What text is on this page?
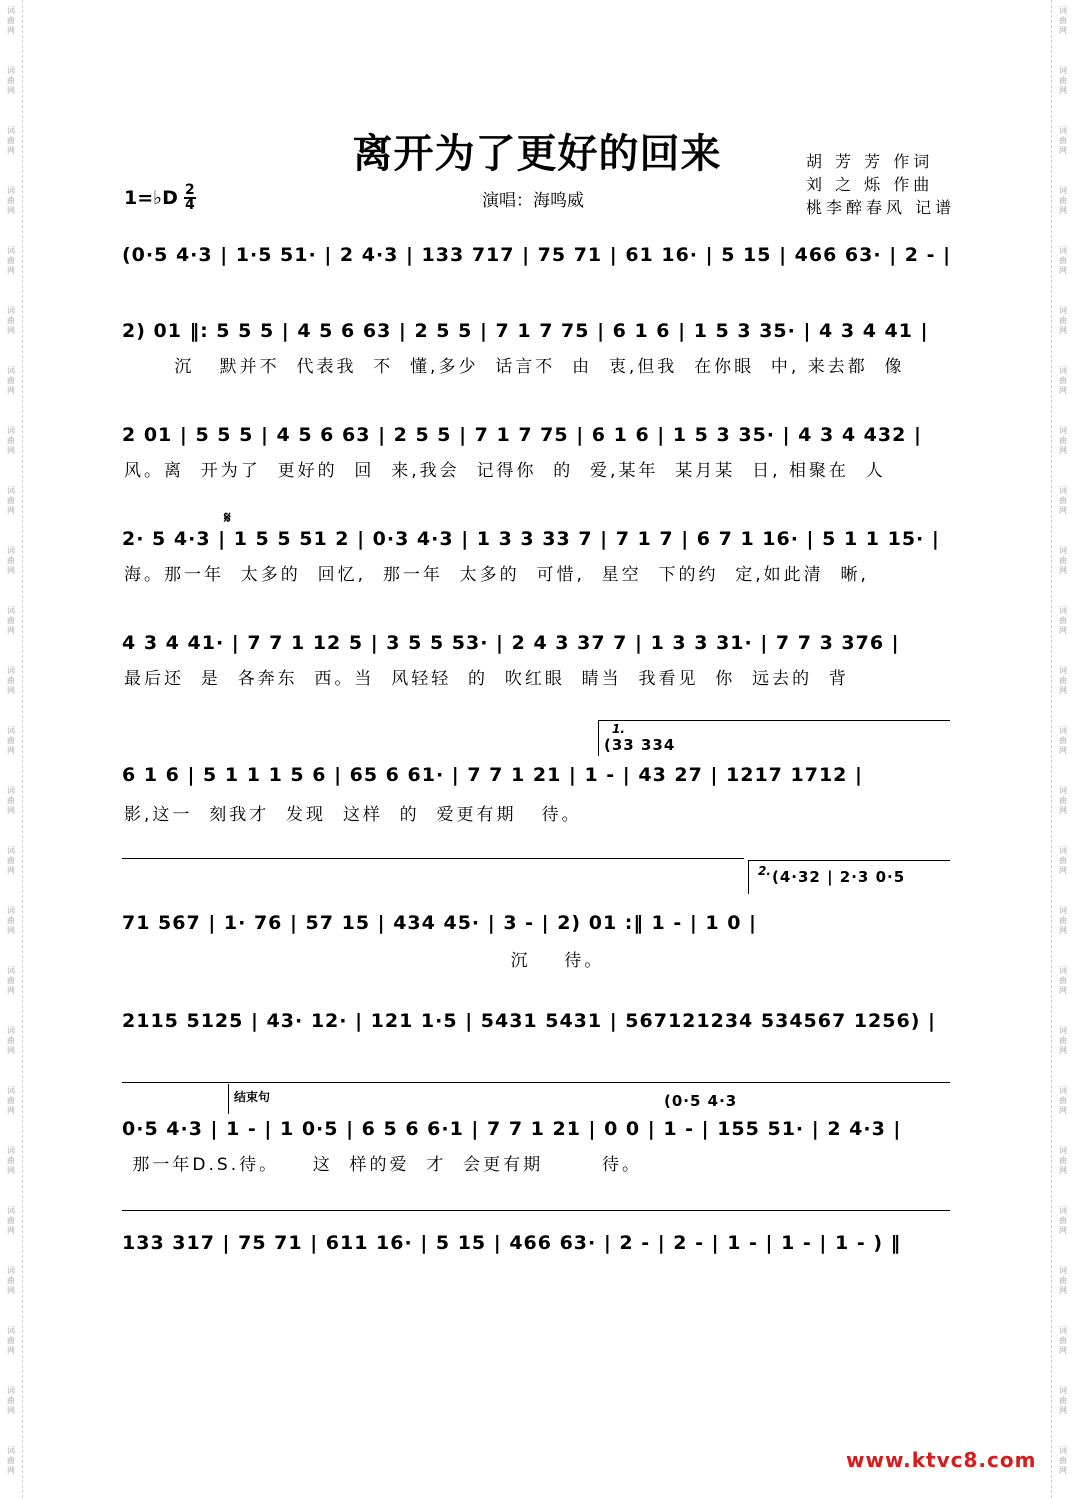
词
曲
网
词
曲
网
词
曲
网
词
曲
网
词
曲
网
词
曲
网
词
曲
网
词
曲
网
词
曲
网
词
曲
网
词
曲
网
词
曲
网
词
曲
网
词
曲
网
词
曲
网
词
曲
网
词
曲
网
词
曲
网
词
曲
网
词
曲
网
词
曲
网
词
曲
网
词
曲
网
词
曲
网
词
曲
网
词
曲
网
词
曲
网
词
曲
网
词
曲
网
词
曲
网
词
曲
网
词
曲
网
词
曲
网
词
曲
网
词
曲
网
词
曲
网
词
曲
网
词
曲
网
词
曲
网
词
曲
网
词
曲
网
词
曲
网
词
曲
网
词
曲
网
词
曲
网
词
曲
网
词
曲
网
词
曲
网
词
曲
网
词
曲
网
离开为了更好的回来	胡 芳 芳 作词
刘 之 烁 作曲
桃李醉春风 记谱
1=♭D 2
4	演唱：海鸣威
(0·5 4·3 | 1·5 51· | 2 4·3 | 133 717 | 75 71 | 61 16· | 5 15 | 466 63· | 2 - |
2) 01 ‖: 5 5 5 | 4 5 6 63 | 2 5 5 | 7 1 7 75 | 6 1 6 | 1 5 3 35· | 4 3 4 41 |
沉   默并不  代表我  不  懂,多少  话言不  由  衷,但我  在你眼  中, 来去都  像
2 01 | 5 5 5 | 4 5 6 63 | 2 5 5 | 7 1 7 75 | 6 1 6 | 1 5 3 35· | 4 3 4 432 |
风。离  开为了  更好的  回  来,我会  记得你  的  爱,某年  某月某  日, 相聚在  人
𝄋
2· 5 4·3 | 1 5 5 51 2 | 0·3 4·3 | 1 3 3 33 7 | 7 1 7 | 6 7 1 16· | 5 1 1 15· |
海。那一年  太多的  回忆,  那一年  太多的  可惜,  星空  下的约  定,如此清  晰,
4 3 4 41· | 7 7 1 12 5 | 3 5 5 53· | 2 4 3 37 7 | 1 3 3 31· | 7 7 3 376 |
最后还  是  各奔东  西。当  风轻轻  的  吹红眼  睛当  我看见  你  远去的  背
1.
(33 334
6 1 6 | 5 1 1 1 5 6 | 65 6 61· | 7 7 1 21 | 1 - | 43 27 | 1217 1712 |
影,这一  刻我才  发现  这样  的  爱更有期   待。
2. (4·32 | 2·3 0·5
71 567 | 1· 76 | 57 15 | 434 45· | 3 - | 2) 01 :‖ 1 - | 1 0 |
沉    待。
2115 5125 | 43· 12· | 121 1·5 | 5431 5431 | 567121234 534567 1256) |
结束句	(0·5 4·3
0·5 4·3 | 1 - | 1 0·5 | 6 5 6 6·1 | 7 7 1 21 | 0 0 | 1 - | 155 51· | 2 4·3 |
那一年D.S.待。    这  样的爱  才  会更有期       待。
133 317 | 75 71 | 611 16· | 5 15 | 466 63· | 2 - | 2 - | 1 - | 1 - | 1 - ) ‖
www.ktvc8.com
